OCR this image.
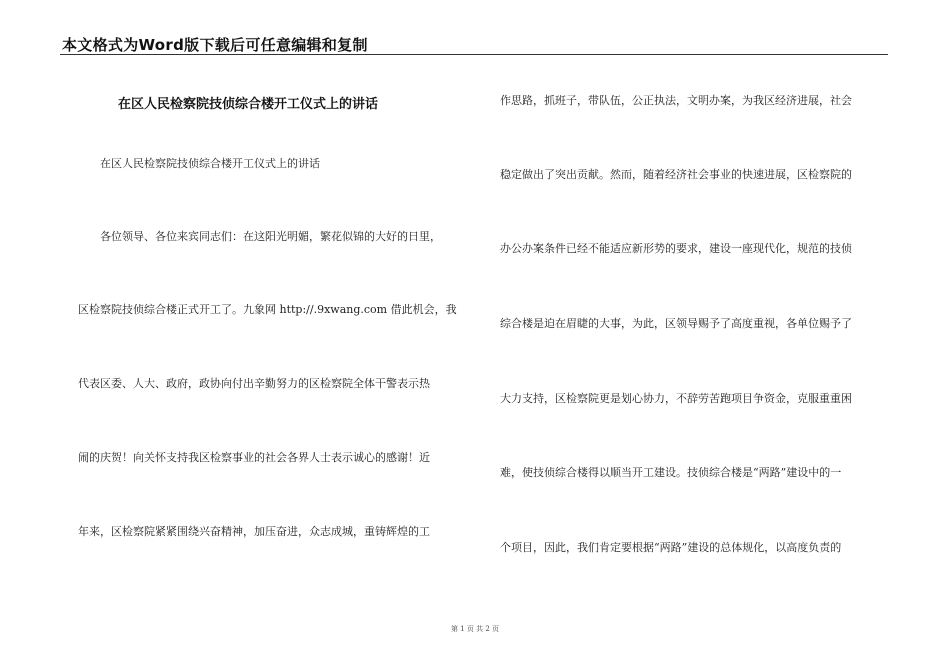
本文格式为Word版下载后可任意编辑和复制
在区人民检察院技侦综合楼开工仪式上的讲话
在区人民检察院技侦综合楼开工仪式上的讲话
各位领导、各位来宾同志们：在这阳光明媚，繁花似锦的大好的日里，
区检察院技侦综合楼正式开工了。九象网 http://.9xwang.com 借此机会，我
代表区委、人大、政府，政协向付出辛勤努力的区检察院全体干警表示热
闹的庆贺！向关怀支持我区检察事业的社会各界人士表示诚心的感谢！近
年来，区检察院紧紧围绕兴奋精神，加压奋进，众志成城，重铸辉煌的工
作思路，抓班子，带队伍，公正执法，文明办案，为我区经济进展，社会
稳定做出了突出贡献。然而，随着经济社会事业的快速进展，区检察院的
办公办案条件已经不能适应新形势的要求，建设一座现代化，规范的技侦
综合楼是迫在眉睫的大事，为此，区领导赐予了高度重视，各单位赐予了
大力支持，区检察院更是划心协力，不辞劳苦跑项目争资金，克服重重困
难，使技侦综合楼得以顺当开工建设。技侦综合楼是“两路”建设中的一
个项目，因此，我们肯定要根据“两路”建设的总体规化，以高度负责的
第 1 页 共 2 页
